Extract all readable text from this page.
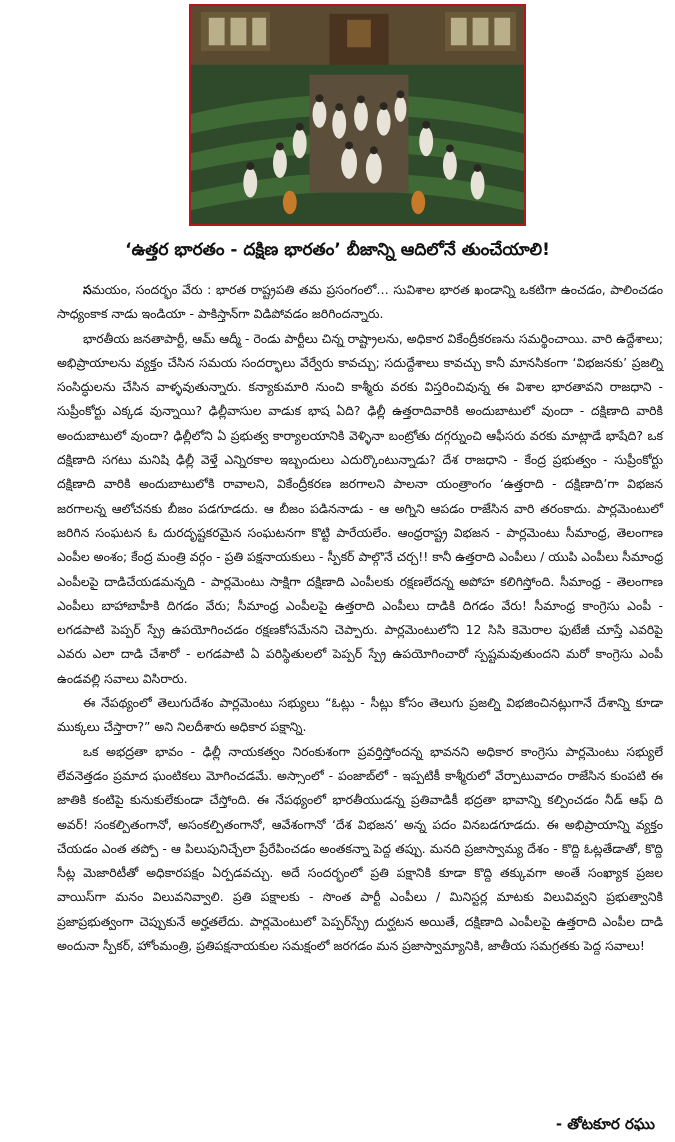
‘ఉత్తర భారతం - దక్షిణ భారతం’ బీజాన్ని ఆదిలోనే తుంచేయాలి!

సమయం, సందర్భం వేరు : భారత రాష్ట్రపతి తమ ప్రసంగంలో… సువిశాల భారత ఖండాన్ని ఒకటిగా ఉంచడం, పాలించడం సాధ్యంకాక నాడు ఇండియా - పాకిస్తాన్‌గా విడిపోవడం జరిగిందన్నారు.

భారతీయ జనతాపార్టీ, ఆమ్ ఆద్మీ - రెండు పార్టీలు చిన్న రాష్ట్రాలను, అధికార వికేంద్రీకరణను సమర్థించాయి. వారి ఉద్దేశాలు; అభిప్రాయాలను వ్యక్తం చేసిన సమయ సందర్భాలు వేర్వేరు కావచ్చు; సదుద్దేశాలు కావచ్చు కానీ మానసికంగా ‘విభజనకు’ ప్రజల్ని సంసిద్ధులను చేసిన వాళ్ళవుతున్నారు. కన్యాకుమారి నుంచి కాశ్మీరు వరకు విస్తరించివున్న ఈ విశాల భారతావని రాజధాని - సుప్రీంకోర్టు ఎక్కడ వున్నాయి? ఢిల్లీవాసుల వాడుక భాష ఏది? ఢిల్లీ ఉత్తరాదివారికి అందుబాటులో వుందా - దక్షిణాది వారికి అందుబాటులో వుందా? ఢిల్లీలోని ఏ ప్రభుత్వ కార్యాలయానికి వెళ్ళినా బంట్రోతు దగ్గర్నుంచి ఆఫీసరు వరకు మాట్లాడే భాషేది? ఒక దక్షిణాది సగటు మనిషి ఢిల్లీ వెళ్తే ఎన్నిరకాల ఇబ్బందులు ఎదుర్కొంటున్నాడు? దేశ రాజధాని - కేంద్ర ప్రభుత్వం - సుప్రీంకోర్టు దక్షిణాది వారికి అందుబాటులోకి రావాలని, వికేంద్రీకరణ జరగాలని పాలనా యంత్రాంగం ‘ఉత్తరాది - దక్షిణాది’గా విభజన జరగాలన్న ఆలోచనకు బీజం పడగూడదు. ఆ బీజం పడిననాడు - ఆ అగ్నిని ఆపడం రాజేసిన వారి తరంకాదు. పార్లమెంటులో జరిగిన సంఘటన ఓ దురదృష్టకరమైన సంఘటనగా కొట్టి పారేయలేం. ఆంధ్రరాష్ట్ర విభజన - పార్లమెంటు సీమాంధ్ర, తెలంగాణ ఎంపీల అంశం; కేంద్ర మంత్రి వర్గం - ప్రతి పక్షనాయకులు - స్పీకర్ పాల్గొనే చర్చ!! కానీ ఉత్తరాది ఎంపీలు / యుపి ఎంపీలు సీమాంధ్ర ఎంపీలపై దాడిచేయడమన్నది - పార్లమెంటు సాక్షిగా దక్షిణాది ఎంపీలకు రక్షణలేదన్న అపోహ కలిగిస్తోంది. సీమాంధ్ర - తెలంగాణ ఎంపీలు బాహాబాహీకి దిగడం వేరు; సీమాంధ్ర ఎంపీలపై ఉత్తరాది ఎంపీలు దాడికి దిగడం వేరు! సీమాంధ్ర కాంగ్రెసు ఎంపీ - లగడపాటి పెప్పర్ స్ప్రే ఉపయోగించడం రక్షణకోసమేనని చెప్పారు. పార్లమెంటులోని 12 సిసి కెమెరాల ఫుటేజీ చూస్తే ఎవరిపై ఎవరు ఎలా దాడి చేశారో - లగడపాటి ఏ పరిస్థితులలో పెప్పర్ స్ప్రే ఉపయోగించారో స్పష్టమవుతుందని మరో కాంగ్రెసు ఎంపీ ఉండవల్లి సవాలు విసిరారు.

ఈ నేపథ్యంలో తెలుగుదేశం పార్లమెంటు సభ్యులు “ఓట్లు - సీట్లు కోసం తెలుగు ప్రజల్ని విభజించినట్లుగానే దేశాన్ని కూడా ముక్కలు చేస్తారా?” అని నిలదీశారు అధికార పక్షాన్ని.

ఒక అభద్రతా భావం - ఢిల్లీ నాయకత్వం నిరంకుశంగా ప్రవర్తిస్తోందన్న భావనని అధికార కాంగ్రెసు పార్లమెంటు సభ్యులే లేవనెత్తడం ప్రమాద ఘంటికలు మోగించడమే. అస్సాంలో - పంజాబ్‌లో - ఇప్పటికీ కాశ్మీరులో వేర్పాటువాదం రాజేసిన కుంపటి ఈ జాతికి కంటిపై కునుకులేకుండా చేస్తోంది. ఈ నేపథ్యంలో భారతీయుడన్న ప్రతివాడికీ భద్రతా భావాన్ని కల్పించడం నీడ్ ఆఫ్ ది అవర్! సంకల్పితంగానో, అసంకల్పితంగానో, ఆవేశంగానో ‘దేశ విభజన’ అన్న పదం వినబడగూడదు. ఈ అభిప్రాయాన్ని వ్యక్తం చేయడం ఎంత తప్పో - ఆ పిలుపునిచ్చేలా ప్రేరేపించడం అంతకన్నా పెద్ద తప్పు. మనది ప్రజాస్వామ్య దేశం - కొద్ది ఓట్లతేడాతో, కొద్ది సీట్ల మెజారిటీతో అధికారపక్షం ఏర్పడవచ్చు. అదే సందర్భంలో ప్రతి పక్షానికి కూడా కొద్ది తక్కువగా అంతే సంఖ్యాక ప్రజల వాయిస్‌గా మనం విలువనివ్వాలి. ప్రతి పక్షాలకు - సొంత పార్టీ ఎంపీలు / మినిస్టర్ల మాటకు విలువివ్వని ప్రభుత్వానికి ప్రజాప్రభుత్వంగా చెప్పుకునే అర్హతలేదు. పార్లమెంటులో పెప్పర్‌స్ప్రే దుర్ఘటన అయితే, దక్షిణాది ఎంపీలపై ఉత్తరాది ఎంపీల దాడి అందునా స్పీకర్, హోంమంత్రి, ప్రతిపక్షనాయకుల సమక్షంలో జరగడం మన ప్రజాస్వామ్యానికి, జాతీయ సమగ్రతకు పెద్ద సవాలు!

- తోటకూర రఘు
